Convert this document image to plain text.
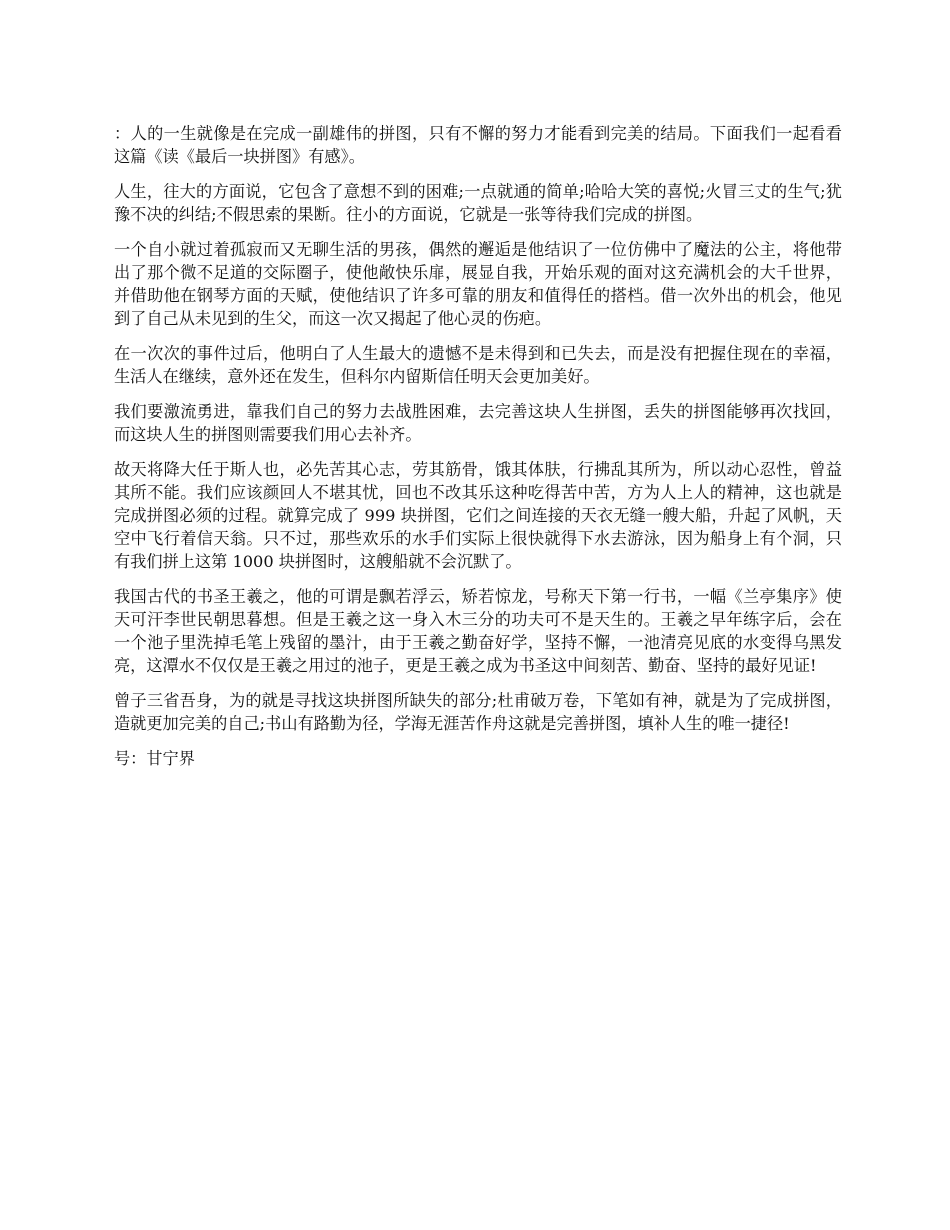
：人的一生就像是在完成一副雄伟的拼图，只有不懈的努力才能看到完美的结局。下面我们一起看看这篇《读《最后一块拼图》有感》。

人生，往大的方面说，它包含了意想不到的困难;一点就通的简单;哈哈大笑的喜悦;火冒三丈的生气;犹豫不决的纠结;不假思索的果断。往小的方面说，它就是一张等待我们完成的拼图。

一个自小就过着孤寂而又无聊生活的男孩，偶然的邂逅是他结识了一位仿佛中了魔法的公主，将他带出了那个微不足道的交际圈子，使他敞快乐扉，展显自我，开始乐观的面对这充满机会的大千世界，并借助他在钢琴方面的天赋，使他结识了许多可靠的朋友和值得任的搭档。借一次外出的机会，他见到了自己从未见到的生父，而这一次又揭起了他心灵的伤疤。

在一次次的事件过后，他明白了人生最大的遗憾不是未得到和已失去，而是没有把握住现在的幸福，生活人在继续，意外还在发生，但科尔内留斯信任明天会更加美好。

我们要激流勇进，靠我们自己的努力去战胜困难，去完善这块人生拼图，丢失的拼图能够再次找回，而这块人生的拼图则需要我们用心去补齐。

故天将降大任于斯人也，必先苦其心志，劳其筋骨，饿其体肤，行拂乱其所为，所以动心忍性，曾益其所不能。我们应该颜回人不堪其忧，回也不改其乐这种吃得苦中苦，方为人上人的精神，这也就是完成拼图必须的过程。就算完成了 999 块拼图，它们之间连接的天衣无缝一艘大船，升起了风帆，天空中飞行着信天翁。只不过，那些欢乐的水手们实际上很快就得下水去游泳，因为船身上有个洞，只有我们拼上这第 1000 块拼图时，这艘船就不会沉默了。

我国古代的书圣王羲之，他的可谓是飘若浮云，矫若惊龙，号称天下第一行书，一幅《兰亭集序》使天可汗李世民朝思暮想。但是王羲之这一身入木三分的功夫可不是天生的。王羲之早年练字后，会在一个池子里洗掉毛笔上残留的墨汁，由于王羲之勤奋好学，坚持不懈，一池清亮见底的水变得乌黑发亮，这潭水不仅仅是王羲之用过的池子，更是王羲之成为书圣这中间刻苦、勤奋、坚持的最好见证!

曾子三省吾身，为的就是寻找这块拼图所缺失的部分;杜甫破万卷，下笔如有神，就是为了完成拼图，造就更加完美的自己;书山有路勤为径，学海无涯苦作舟这就是完善拼图，填补人生的唯一捷径!

号：甘宁界
